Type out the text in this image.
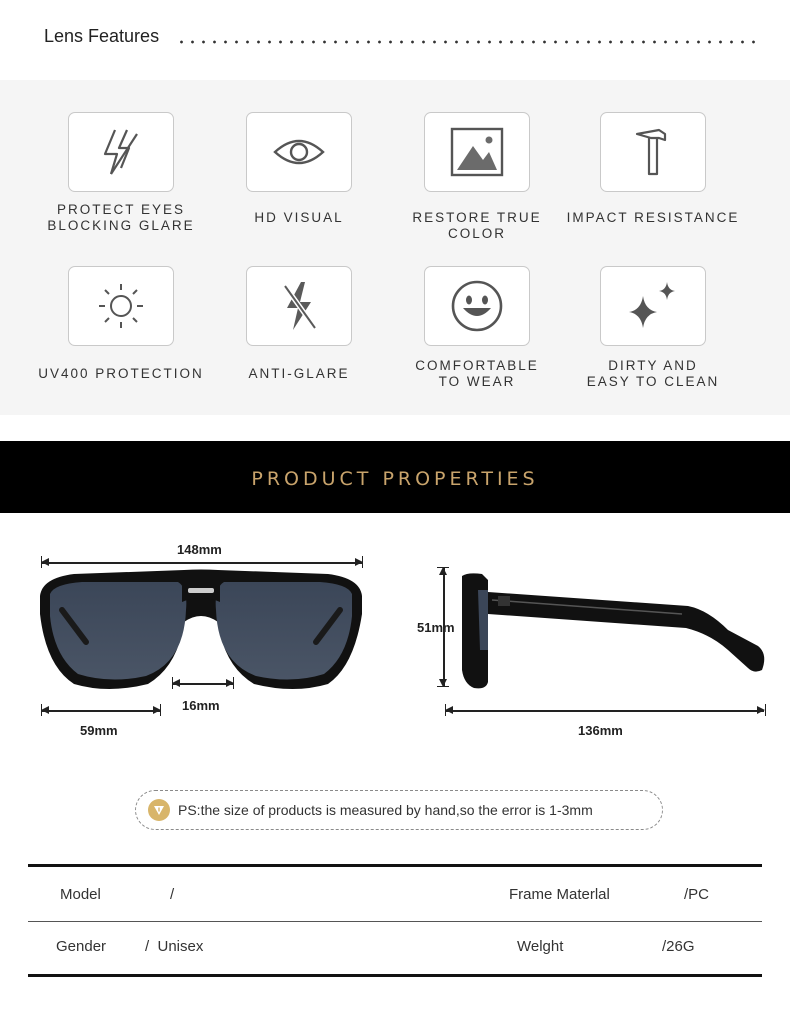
Lens Features
PROTECT EYES
BLOCKING GLARE
HD VISUAL	RESTORE TRUE COLOR
IMPACT RESISTANCE
UV400 PROTECTION	ANTI-GLARE
COMFORTABLE
TO WEAR
DIRTY AND
EASY TO CLEAN
PRODUCT PROPERTIES
148mm
16mm
59mm
51mm
136mm
PS:the size of products is measured by hand,so the error is 1-3mm
Model	/	Frame Materlal	/PC
Gender	/  Unisex	Welght	/26G
